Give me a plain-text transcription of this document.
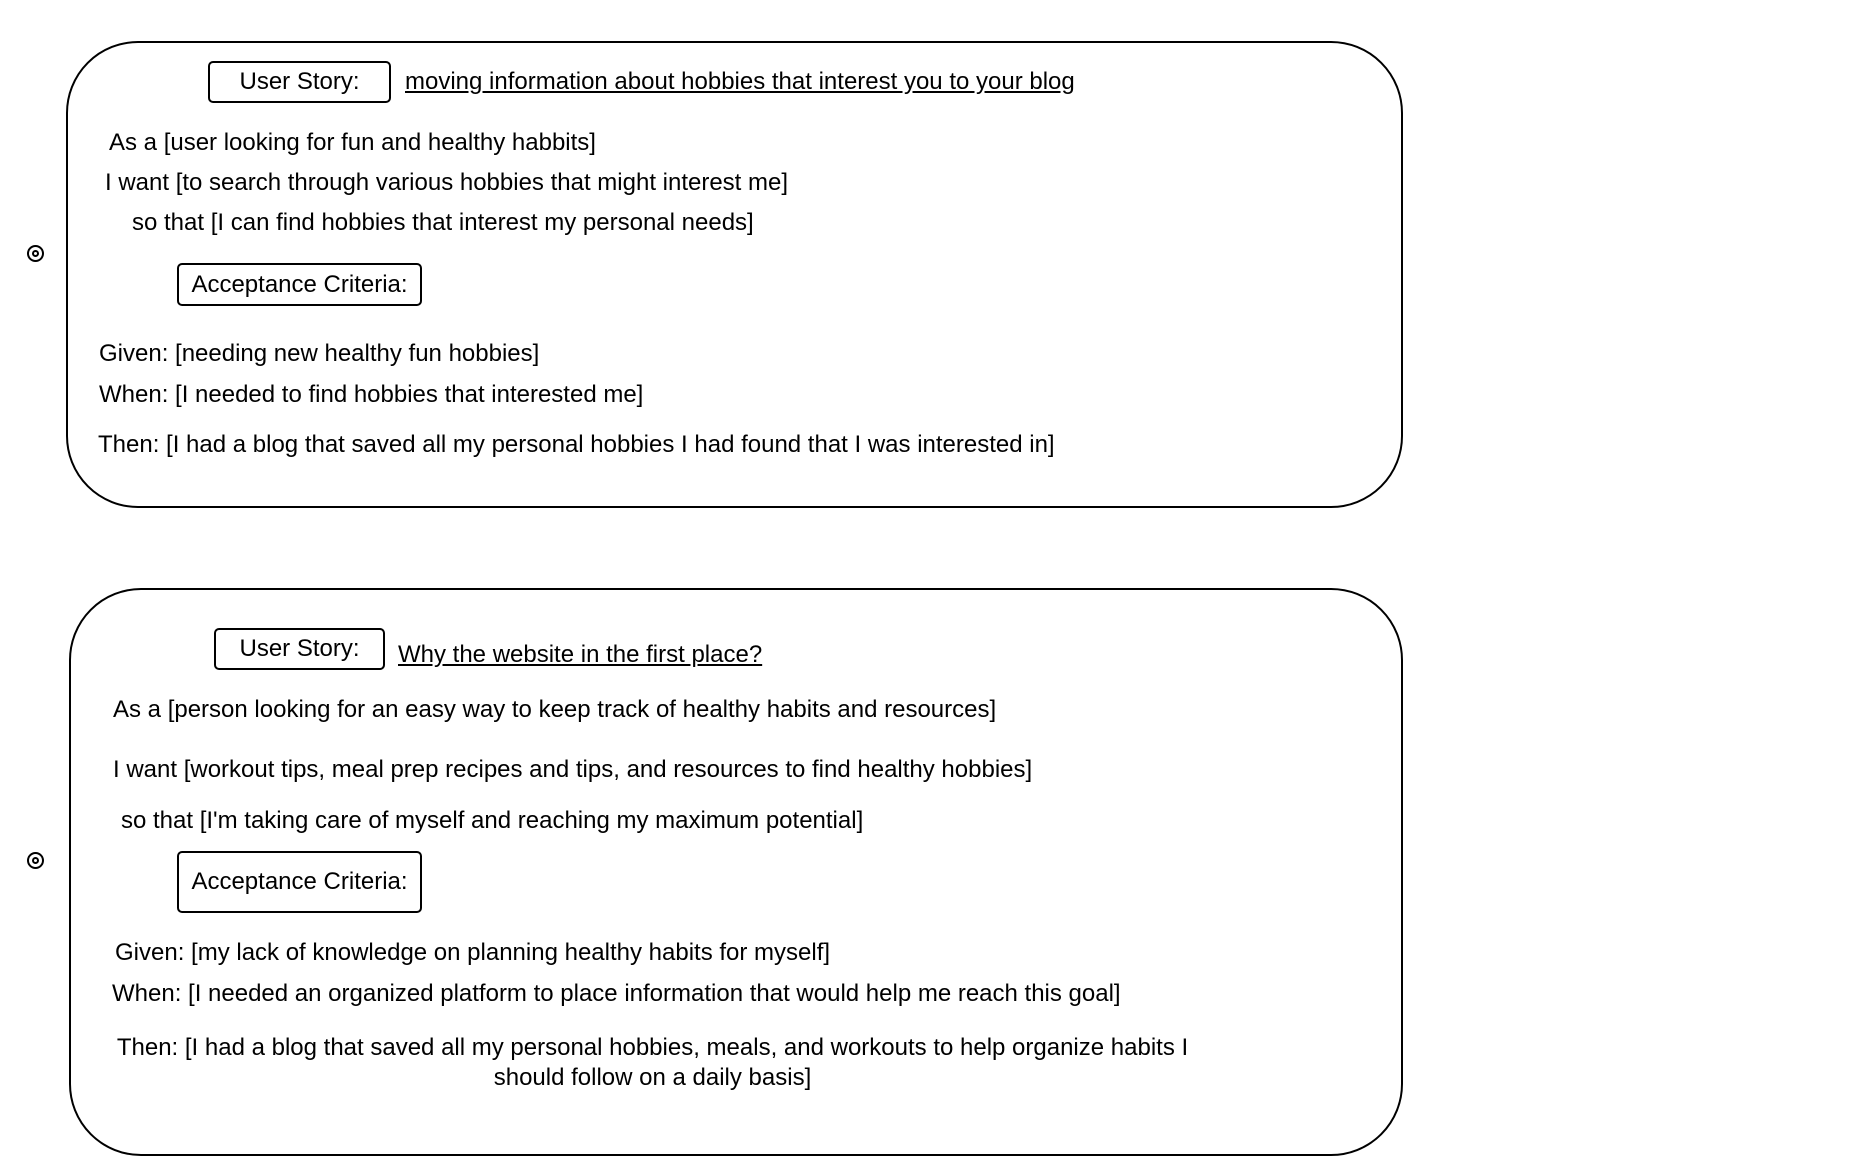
User Story: moving information about hobbies that interest you to your blog
As a [user looking for fun and healthy habbits]
I want [to search through various hobbies that might interest me]
so that [I can find hobbies that interest my personal needs]
Acceptance Criteria:
Given: [needing new healthy fun hobbies]
When: [I needed to find hobbies that interested me]
Then: [I had a blog that saved all my personal hobbies I had found that I was interested in]
User Story: Why the website in the first place?
As a [person looking for an easy way to keep track of healthy habits and resources]
I want [workout tips, meal prep recipes and tips, and resources to find healthy hobbies]
so that [I'm taking care of myself and reaching my maximum potential]
Acceptance Criteria:
Given: [my lack of knowledge on planning healthy habits for myself]
When: [I needed an organized platform to place information that would help me reach this goal]
Then: [I had a blog that saved all my personal hobbies, meals, and workouts to help organize habits I should follow on a daily basis]
